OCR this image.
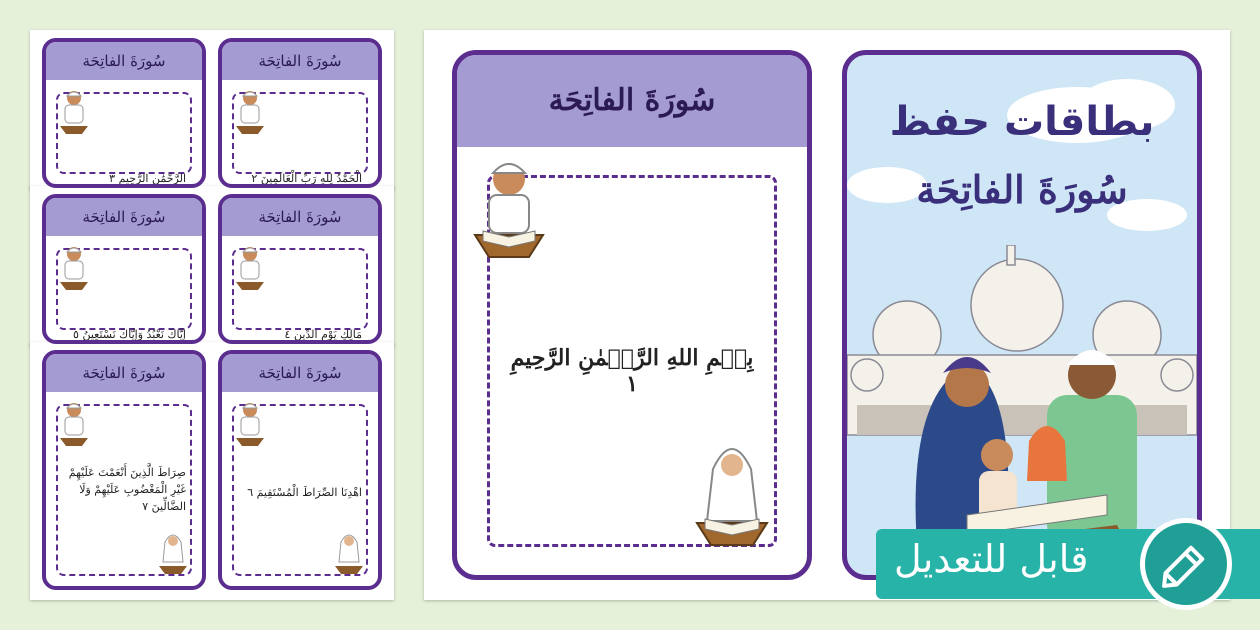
سُورَةَ الفاتِحَة
الْحَمْدُ لِلهِ رَبِّ الْعَالَمِينَ ٢
سُورَةَ الفاتِحَة
الرَّحْمَٰنِ الرَّحِيمِ ٣
سُورَةَ الفاتِحَة
مَالِكِ يَوْمِ الدِّينِ ٤
سُورَةَ الفاتِحَة
إِيَّاكَ نَعْبُدُ وَإِيَّاكَ نَسْتَعِينُ ٥
سُورَةَ الفاتِحَة
اهْدِنَا الصِّرَاطَ الْمُسْتَقِيمَ ٦
سُورَةَ الفاتِحَة
صِرَاطَ الَّذِينَ أَنْعَمْتَ عَلَيْهِمْ غَيْرِ الْمَغْضُوبِ عَلَيْهِمْ وَلَا الضَّالِّينَ ٧
سُورَةَ الفاتِحَة
بِسۡمِ اللهِ الرَّحۡمٰنِ الرَّحِيمِ ١
بطاقات حفظ
سُورَةَ الفاتِحَة
قابل للتعديل
